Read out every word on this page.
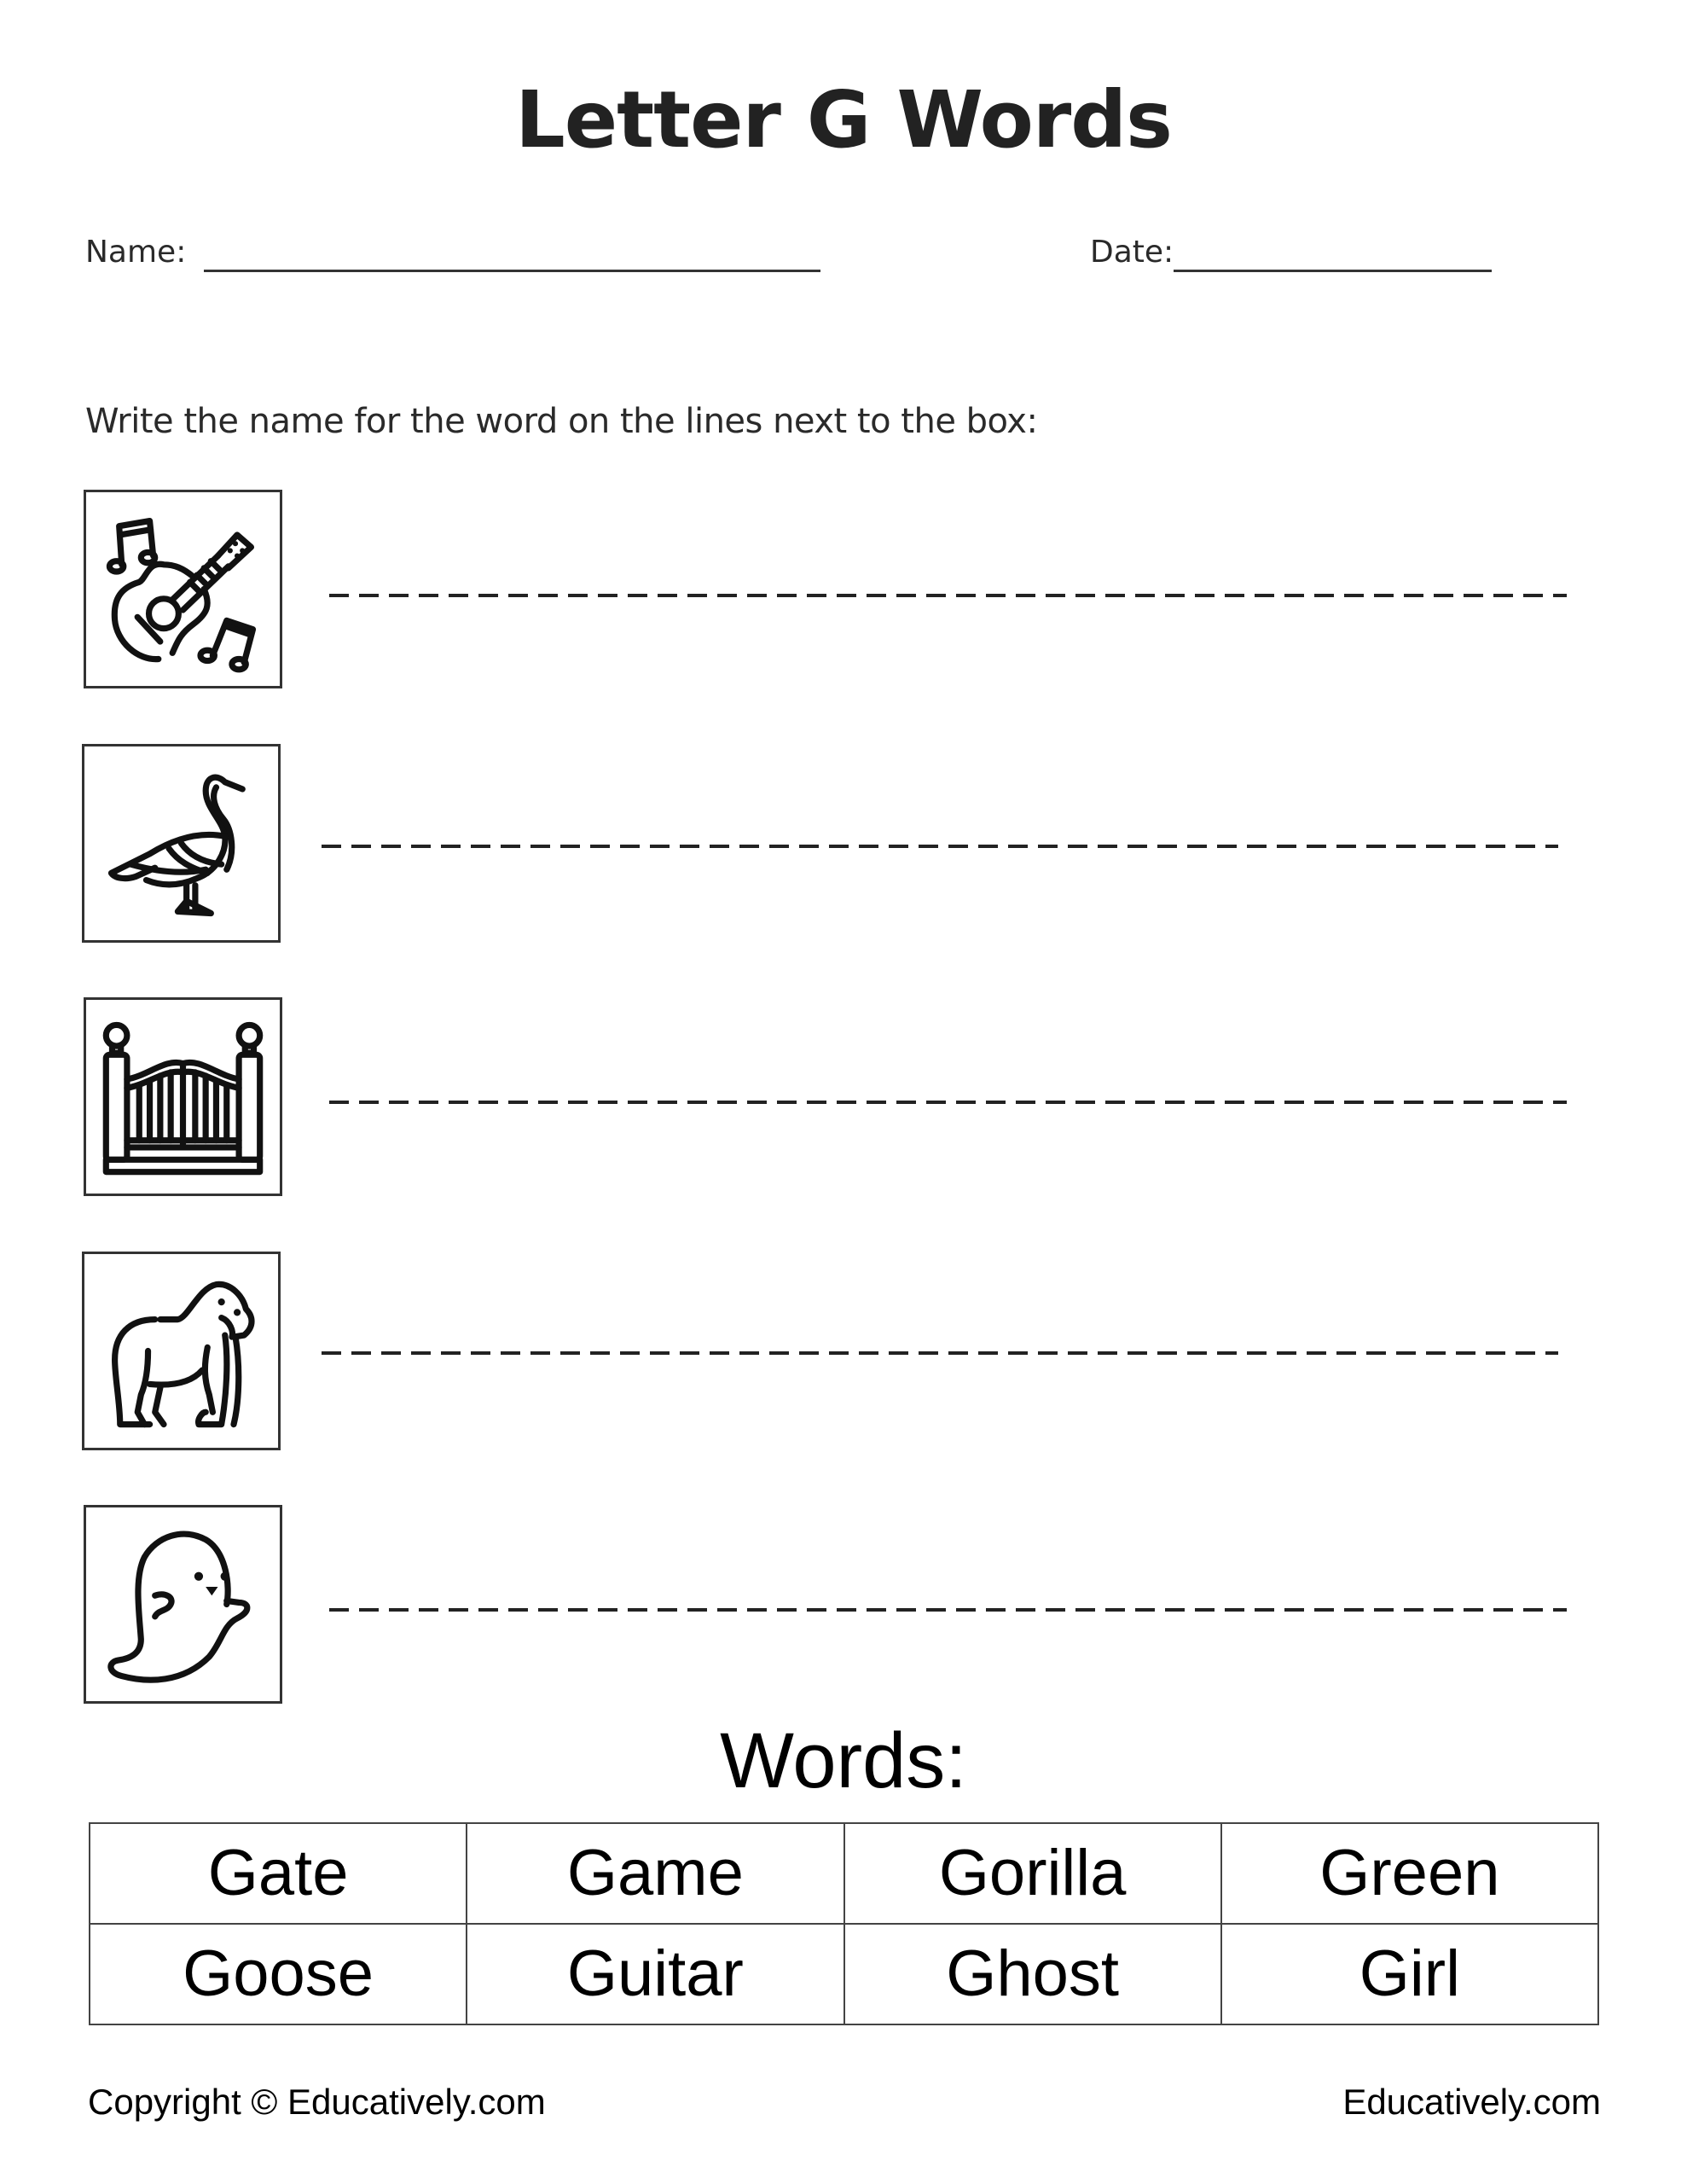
Letter G Words
Name:	Date:
Write the name for the word on the lines next to the box:
Words:
Gate	Game	Gorilla	Green
Goose	Guitar	Ghost	Girl
Copyright © Educatively.com	Educatively.com
